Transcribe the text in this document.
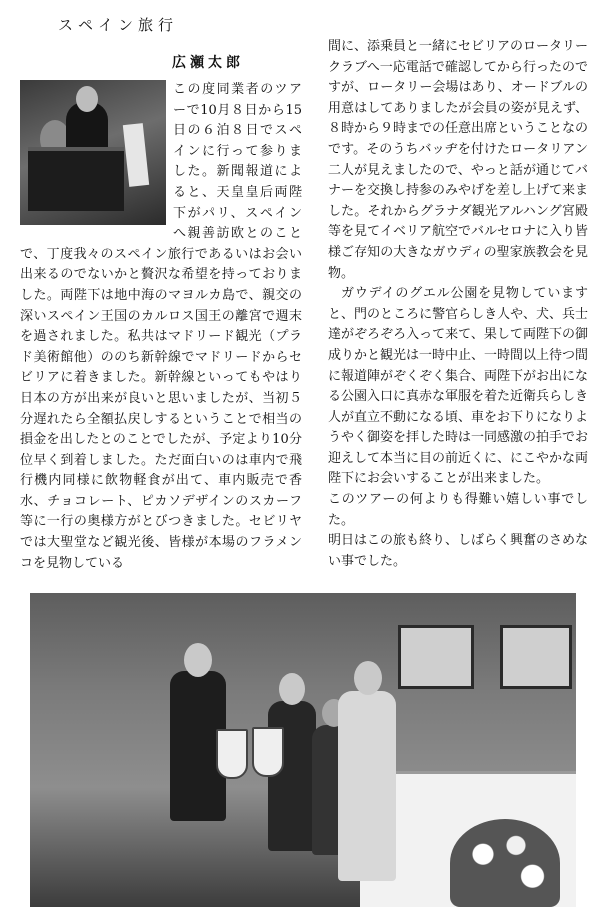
スペイン旅行
広瀬太郎

この度同業者のツアーで10月８日から15日の６泊８日でスペインに行って参りました。新聞報道によると、天皇皇后両陛下がパリ、スペインへ親善訪欧とのことで、丁度我々のスペイン旅行であるいはお会い出来るのでないかと贅沢な希望を持っておりました。両陛下は地中海のマヨルカ島で、親交の深いスペイン王国のカルロス国王の離宮で週末を過されました。私共はマドリード観光（プラド美術館他）ののち新幹線でマドリードからセビリアに着きました。新幹線といってもやはり日本の方が出来が良いと思いましたが、当初５分遅れたら全額払戻しするということで相当の損金を出したとのことでしたが、予定より10分位早く到着しました。ただ面白いのは車内で飛行機内同様に飲物軽食が出て、車内販売で香水、チョコレート、ピカソデザインのスカーフ等に一行の奥様方がとびつきました。セビリヤでは大聖堂など観光後、皆様が本場のフラメンコを見物している

間に、添乗員と一緒にセビリアのロータリークラブへ一応電話で確認してから行ったのですが、ロータリー会場はあり、オードブルの用意はしてありましたが会員の姿が見えず、８時から９時までの任意出席ということなのです。そのうちバッヂを付けたロータリアン二人が見えましたので、やっと話が通じてバナーを交換し持参のみやげを差し上げて来ました。それからグラナダ観光アルハング宮殿等を見てイベリア航空でバルセロナに入り皆様ご存知の大きなガウディの聖家族教会を見物。

ガウデイのグエル公園を見物していますと、門のところに警官らしき人や、犬、兵士達がぞろぞろ入って来て、果して両陛下の御成りかと観光は一時中止、一時間以上待つ間に報道陣がぞくぞく集合、両陛下がお出になる公園入口に真赤な軍服を着た近衛兵らしき人が直立不動になる頃、車をお下りになりようやく御姿を拝した時は一同感激の拍手でお迎えして本当に目の前近くに、にこやかな両陛下にお会いすることが出来ました。

このツアーの何よりも得難い嬉しい事でした。

明日はこの旅も終り、しばらく興奮のさめない事でした。
